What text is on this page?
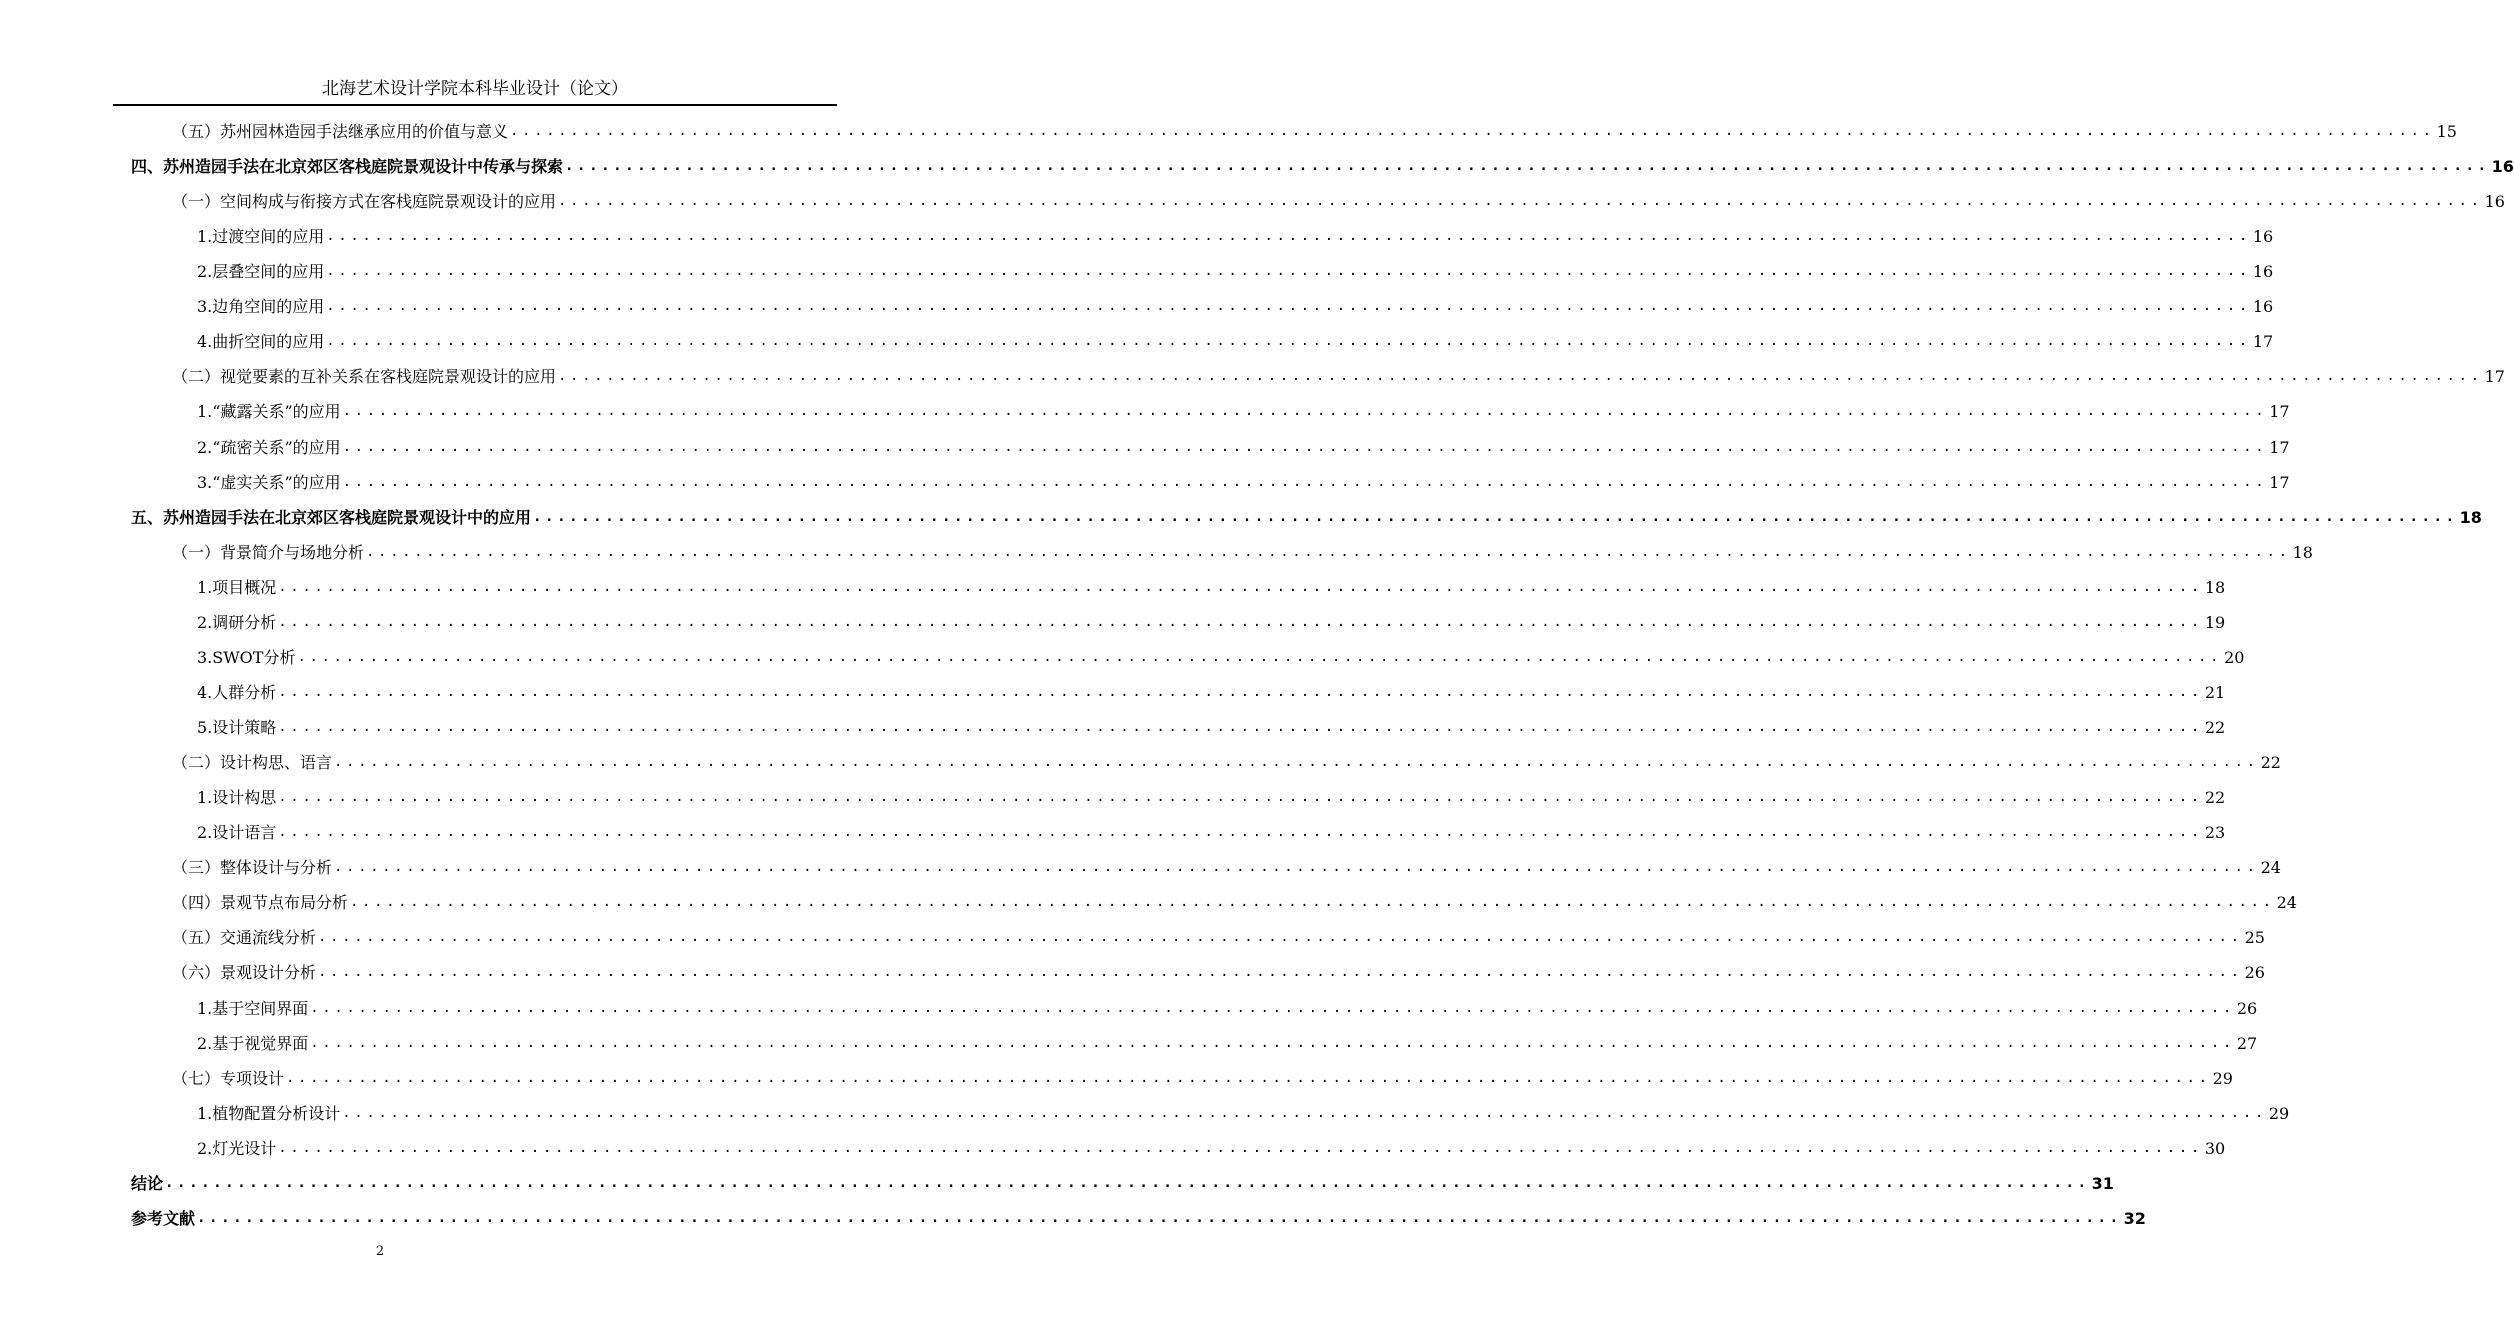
北海艺术设计学院本科毕业设计（论文）
（五）苏州园林造园手法继承应用的价值与意义 ................................................................................................................................................................ 15
四、苏州造园手法在北京郊区客栈庭院景观设计中传承与探索 ................................................................................................................................................................ 16
（一）空间构成与衔接方式在客栈庭院景观设计的应用 ................................................................................................................................................................ 16
1.过渡空间的应用 ................................................................................................................................................................ 16
2.层叠空间的应用 ................................................................................................................................................................ 16
3.边角空间的应用 ................................................................................................................................................................ 16
4.曲折空间的应用 ................................................................................................................................................................ 17
（二）视觉要素的互补关系在客栈庭院景观设计的应用 ................................................................................................................................................................ 17
1.“藏露关系”的应用 ................................................................................................................................................................ 17
2.“疏密关系”的应用 ................................................................................................................................................................ 17
3.“虚实关系”的应用 ................................................................................................................................................................ 17
五、苏州造园手法在北京郊区客栈庭院景观设计中的应用 ................................................................................................................................................................ 18
（一）背景简介与场地分析 ................................................................................................................................................................ 18
1.项目概况 ................................................................................................................................................................ 18
2.调研分析 ................................................................................................................................................................ 19
3.SWOT分析 ................................................................................................................................................................ 20
4.人群分析 ................................................................................................................................................................ 21
5.设计策略 ................................................................................................................................................................ 22
（二）设计构思、语言 ................................................................................................................................................................ 22
1.设计构思 ................................................................................................................................................................ 22
2.设计语言 ................................................................................................................................................................ 23
（三）整体设计与分析 ................................................................................................................................................................ 24
（四）景观节点布局分析 ................................................................................................................................................................ 24
（五）交通流线分析 ................................................................................................................................................................ 25
（六）景观设计分析 ................................................................................................................................................................ 26
1.基于空间界面 ................................................................................................................................................................ 26
2.基于视觉界面 ................................................................................................................................................................ 27
（七）专项设计 ................................................................................................................................................................ 29
1.植物配置分析设计 ................................................................................................................................................................ 29
2.灯光设计 ................................................................................................................................................................ 30
结论 ................................................................................................................................................................ 31
参考文献 ................................................................................................................................................................ 32
2
